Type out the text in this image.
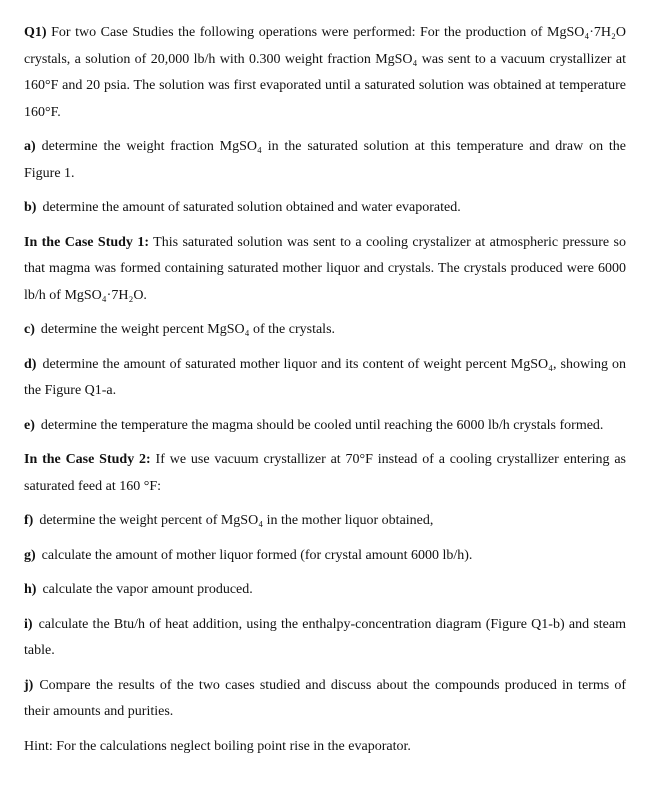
Q1) For two Case Studies the following operations were performed: For the production of MgSO₄·7H₂O crystals, a solution of 20,000 lb/h with 0.300 weight fraction MgSO₄ was sent to a vacuum crystallizer at 160°F and 20 psia. The solution was first evaporated until a saturated solution was obtained at temperature 160°F.

a) determine the weight fraction MgSO₄ in the saturated solution at this temperature and draw on the Figure 1.

b) determine the amount of saturated solution obtained and water evaporated.

In the Case Study 1: This saturated solution was sent to a cooling crystalizer at atmospheric pressure so that magma was formed containing saturated mother liquor and crystals. The crystals produced were 6000 lb/h of MgSO₄·7H₂O.

c) determine the weight percent MgSO₄ of the crystals.

d) determine the amount of saturated mother liquor and its content of weight percent MgSO₄, showing on the Figure Q1-a.

e) determine the temperature the magma should be cooled until reaching the 6000 lb/h crystals formed.

In the Case Study 2: If we use vacuum crystallizer at 70°F instead of a cooling crystallizer entering as saturated feed at 160 °F:

f) determine the weight percent of MgSO₄ in the mother liquor obtained,

g) calculate the amount of mother liquor formed (for crystal amount 6000 lb/h).

h) calculate the vapor amount produced.

i) calculate the Btu/h of heat addition, using the enthalpy-concentration diagram (Figure Q1-b) and steam table.

j) Compare the results of the two cases studied and discuss about the compounds produced in terms of their amounts and purities.

Hint: For the calculations neglect boiling point rise in the evaporator.
